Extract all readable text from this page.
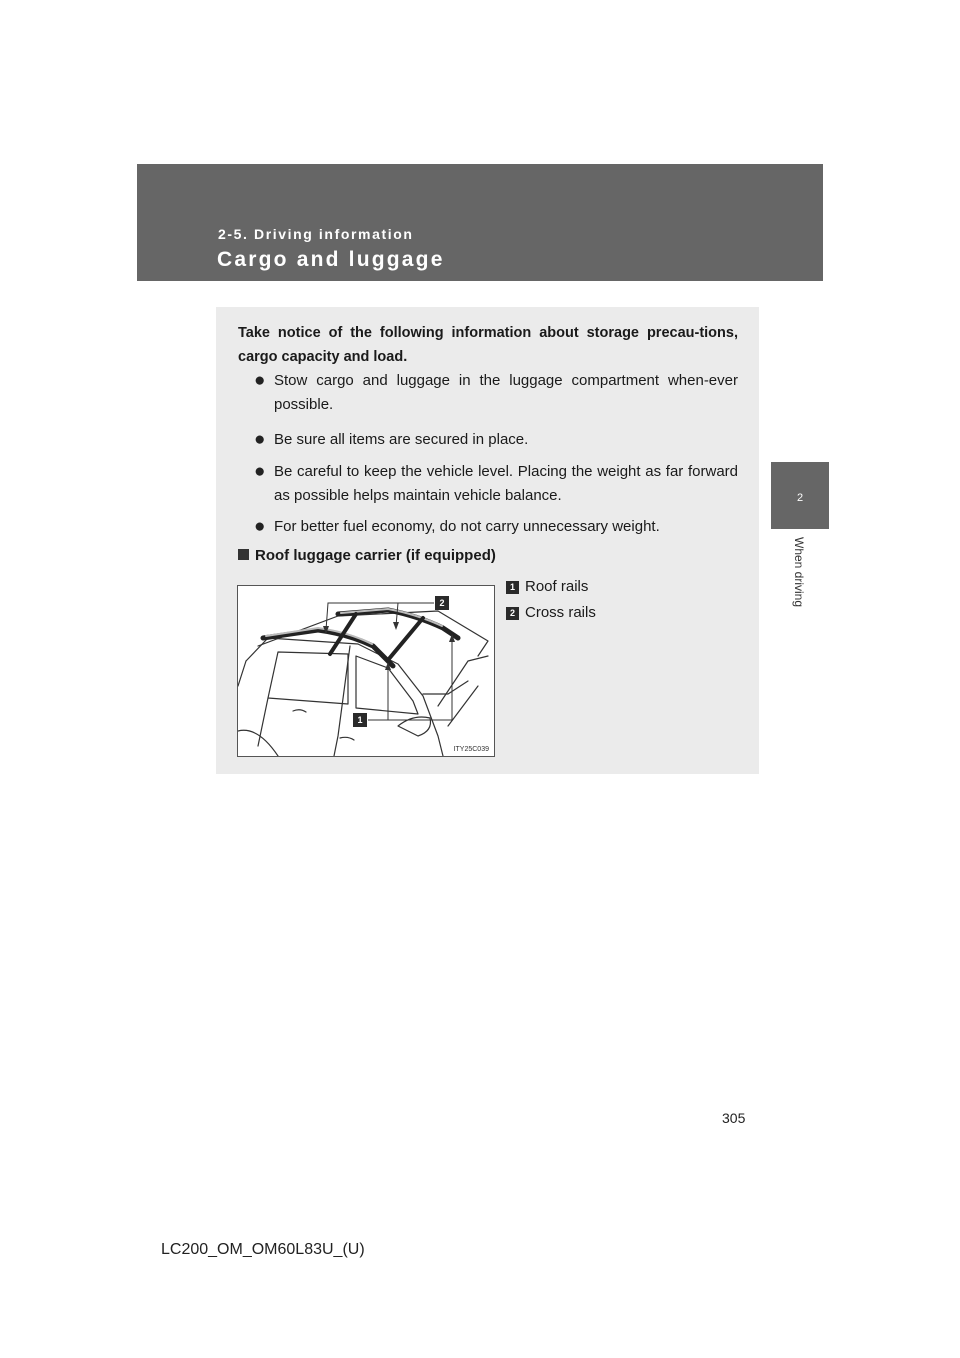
2-5. Driving information
Cargo and luggage
2
When driving
Take notice of the following information about storage precau-tions, cargo capacity and load.
● Stow cargo and luggage in the luggage compartment when-ever possible.
● Be sure all items are secured in place.
● Be careful to keep the vehicle level. Placing the weight as far forward as possible helps maintain vehicle balance.
● For better fuel economy, do not carry unnecessary weight.
Roof luggage carrier (if equipped)
2
1
ITY25C039
1 Roof rails
2 Cross rails
305
LC200_OM_OM60L83U_(U)
